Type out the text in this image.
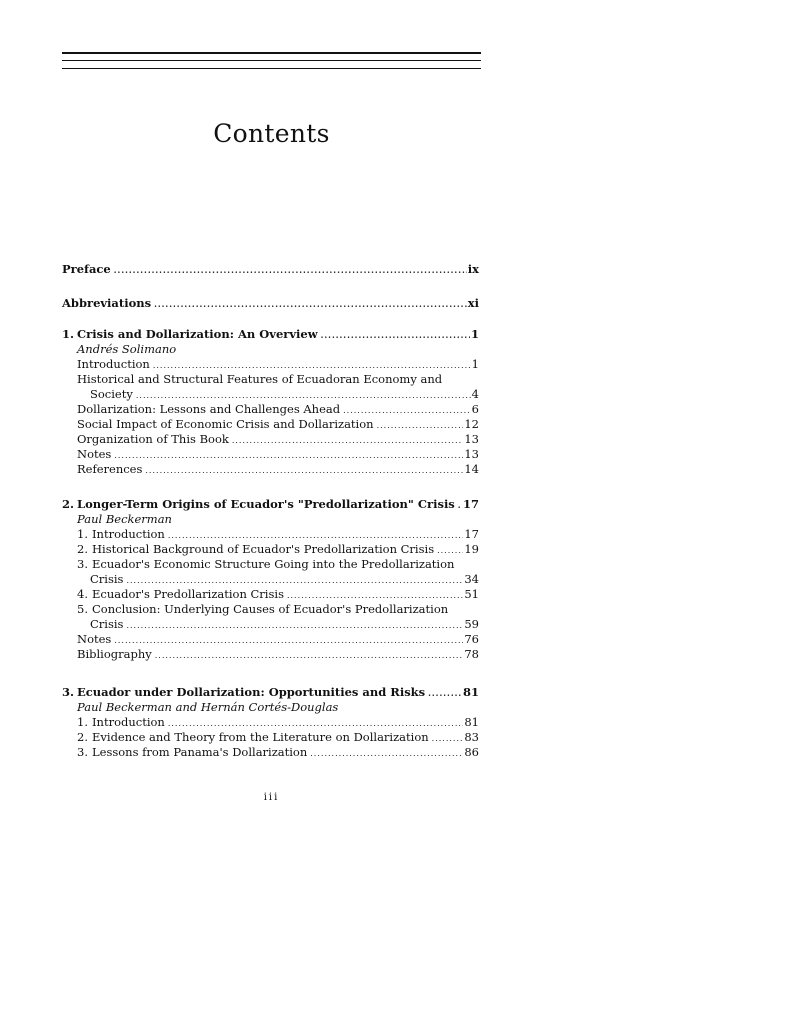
Contents
Preface .....	ix
Abbreviations .....	xi
1. Crisis and Dollarization: An Overview .....	1
Andrés Solimano
Introduction .....	1
Historical and Structural Features of Ecuadoran Economy and
Society .....	4
Dollarization: Lessons and Challenges Ahead .....	6
Social Impact of Economic Crisis and Dollarization .....	12
Organization of This Book .....	13
Notes .....	13
References .....	14
2. Longer-Term Origins of Ecuador's "Predollarization" Crisis ..... 17
Paul Beckerman
1. Introduction .....	17
2. Historical Background of Ecuador's Predollarization Crisis .....	19
3. Ecuador's Economic Structure Going into the Predollarization
Crisis .....	34
4. Ecuador's Predollarization Crisis .....	51
5. Conclusion: Underlying Causes of Ecuador's Predollarization
Crisis .....	59
Notes .....	76
Bibliography .....	78
3. Ecuador under Dollarization: Opportunities and Risks .....	81
Paul Beckerman and Hernán Cortés-Douglas
1. Introduction .....	81
2. Evidence and Theory from the Literature on Dollarization .....	83
3. Lessons from Panama's Dollarization .....	86
iii
